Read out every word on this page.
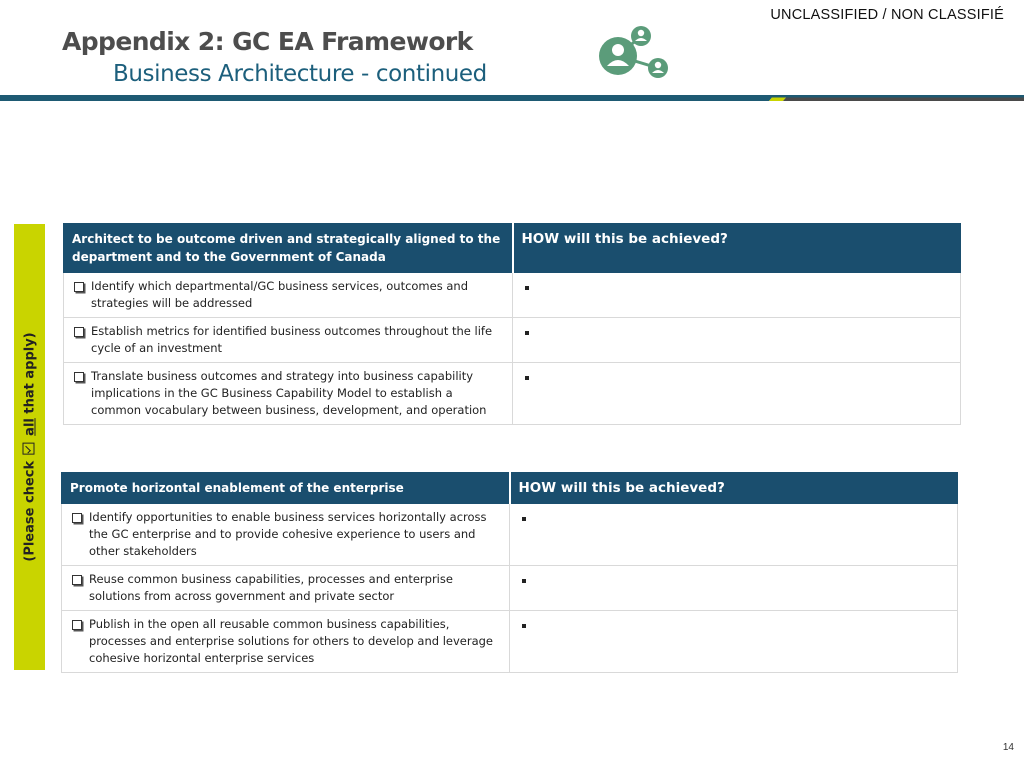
UNCLASSIFIED / NON CLASSIFIÉ
Appendix 2: GC EA Framework
Business Architecture - continued
(Please check  all that apply)
Architect to be outcome driven and strategically aligned to the department and to the Government of Canada	HOW will this be achieved?

Identify which departmental/GC business services, outcomes and strategies will be addressed	

Establish metrics for identified business outcomes throughout the life cycle of an investment	

Translate business outcomes and strategy into business capability implications in the GC Business Capability Model to establish a common vocabulary between business, development, and operation	

Promote horizontal enablement of the enterprise	HOW will this be achieved?

Identify opportunities to enable business services horizontally across the GC enterprise and to provide cohesive experience to users and other stakeholders	

Reuse common business capabilities, processes and enterprise solutions from across government and private sector	

Publish in the open all reusable common business capabilities, processes and enterprise solutions for others to develop and leverage cohesive horizontal enterprise services	

14
